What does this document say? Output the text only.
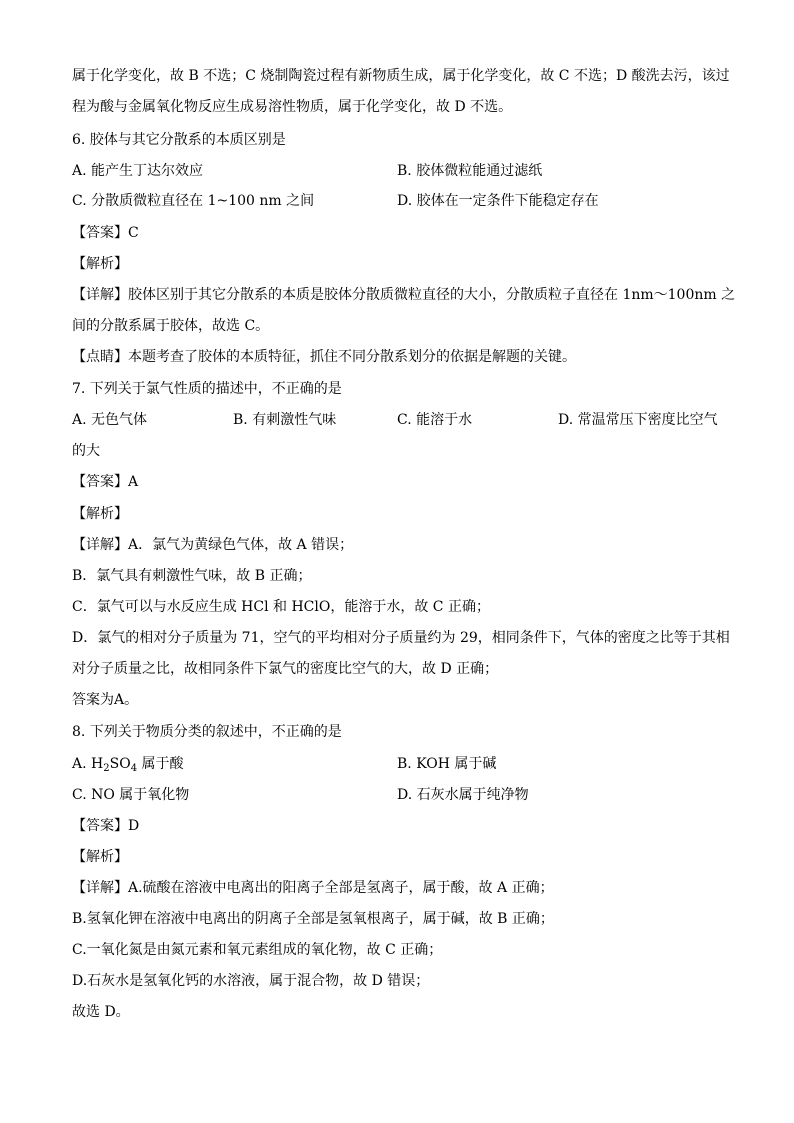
属于化学变化，故 B 不选；C 烧制陶瓷过程有新物质生成，属于化学变化，故 C 不选；D 酸洗去污，该过
程为酸与金属氧化物反应生成易溶性物质，属于化学变化，故 D 不选。
6. 胶体与其它分散系的本质区别是
A. 能产生丁达尔效应	B. 胶体微粒能通过滤纸
C. 分散质微粒直径在 1~100 nm 之间	D. 胶体在一定条件下能稳定存在
【答案】C
【解析】
【详解】胶体区别于其它分散系的本质是胶体分散质微粒直径的大小，分散质粒子直径在 1nm～100nm 之
间的分散系属于胶体，故选 C。
【点睛】本题考查了胶体的本质特征，抓住不同分散系划分的依据是解题的关键。
7. 下列关于氯气性质的描述中，不正确的是
A. 无色气体	B. 有刺激性气味	C. 能溶于水	D. 常温常压下密度比空气
的大
【答案】A
【解析】
【详解】A．氯气为黄绿色气体，故 A 错误；
B．氯气具有刺激性气味，故 B 正确；
C．氯气可以与水反应生成 HCl 和 HClO，能溶于水，故 C 正确；
D．氯气的相对分子质量为 71，空气的平均相对分子质量约为 29，相同条件下，气体的密度之比等于其相
对分子质量之比，故相同条件下氯气的密度比空气的大，故 D 正确；
答案为A。
8. 下列关于物质分类的叙述中，不正确的是
A. $H_2SO_4$ 属于酸	B. KOH 属于碱
C. NO 属于氧化物	D. 石灰水属于纯净物
【答案】D
【解析】
【详解】A.硫酸在溶液中电离出的阳离子全部是氢离子，属于酸，故 A 正确；
B.氢氧化钾在溶液中电离出的阴离子全部是氢氧根离子，属于碱，故 B 正确；
C.一氧化氮是由氮元素和氧元素组成的氧化物，故 C 正确；
D.石灰水是氢氧化钙的水溶液，属于混合物，故 D 错误；
故选 D。
